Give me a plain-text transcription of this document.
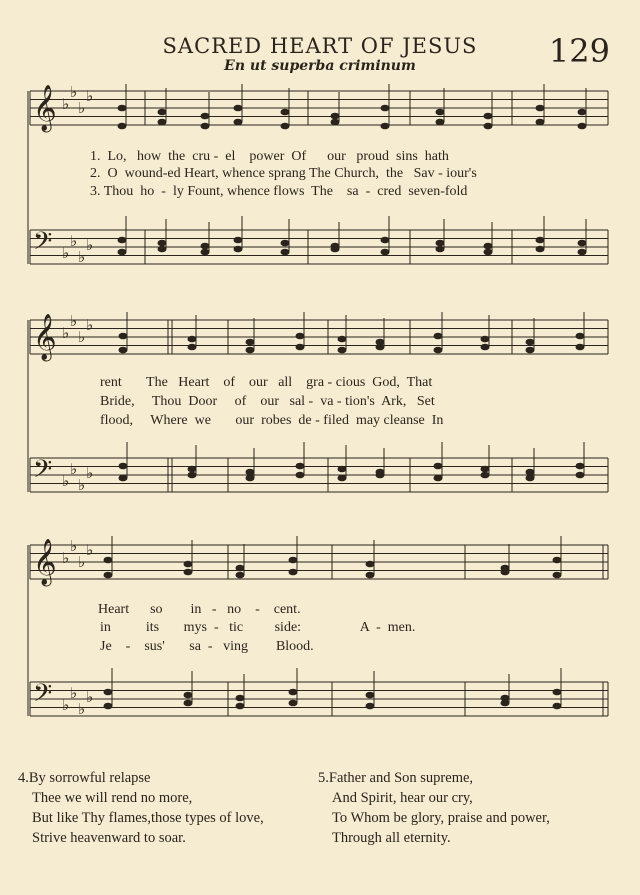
SACRED HEART OF JESUS
En ut superba criminum	129
𝄞 ♭
♭
♭
♭
𝄢 ♭
♭
♭
♭
𝄞 ♭
♭
♭
♭
𝄢 ♭
♭
♭
♭
𝄞 ♭
♭
♭
♭
𝄢 ♭
♭
♭
♭
1.  Lo,   how  the  cru -  el    power  Of      our   proud  sins  hath
2.  O  wound-ed Heart, whence sprang The Church,  the   Sav - iour's
3. Thou  ho  -  ly Fount, whence flows  The    sa  -  cred  seven-fold
rent       The   Heart    of    our   all    gra - cious  God,  That
Bride,     Thou  Door     of    our   sal -  va - tion's  Ark,   Set
flood,     Where  we       our  robes  de - filed  may cleanse  In
Heart      so        in   -   no    -    cent.
in          its       mys  -   tic         side:                 A  -  men.
Je    -    sus'       sa  -   ving        Blood.
4.By sorrowful relapse
Thee we will rend no more,
But like Thy flames,those types of love,
Strive heavenward to soar.
5.Father and Son supreme,
And Spirit, hear our cry,
To Whom be glory, praise and power,
Through all eternity.
